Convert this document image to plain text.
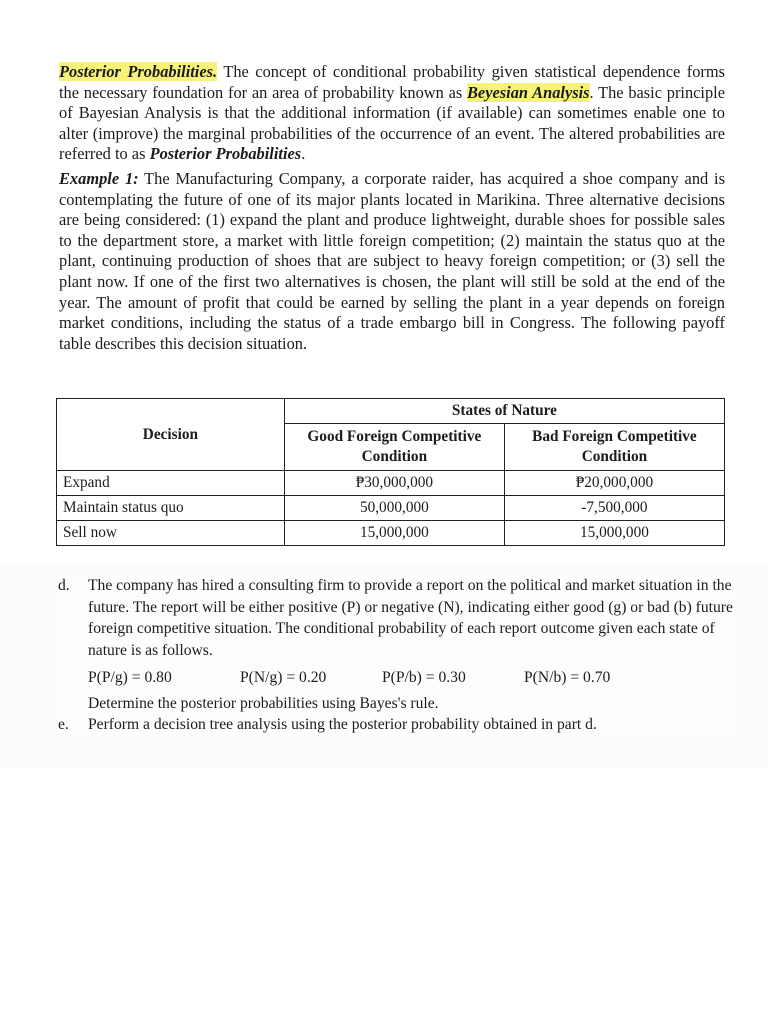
Posterior Probabilities. The concept of conditional probability given statistical dependence forms the necessary foundation for an area of probability known as Beyesian Analysis. The basic principle of Bayesian Analysis is that the additional information (if available) can sometimes enable one to alter (improve) the marginal probabilities of the occurrence of an event. The altered probabilities are referred to as Posterior Probabilities.

Example 1: The Manufacturing Company, a corporate raider, has acquired a shoe company and is contemplating the future of one of its major plants located in Marikina. Three alternative decisions are being considered: (1) expand the plant and produce lightweight, durable shoes for possible sales to the department store, a market with little foreign competition; (2) maintain the status quo at the plant, continuing production of shoes that are subject to heavy foreign competition; or (3) sell the plant now. If one of the first two alternatives is chosen, the plant will still be sold at the end of the year. The amount of profit that could be earned by selling the plant in a year depends on foreign market conditions, including the status of a trade embargo bill in Congress. The following payoff table describes this decision situation.

Decision	States of Nature	
	Good Foreign Competitive Condition	Bad Foreign Competitive Condition
Expand	₱30,000,000	₱20,000,000
Maintain status quo	50,000,000	-7,500,000
Sell now	15,000,000	15,000,000
d. The company has hired a consulting firm to provide a report on the political and market situation in the future. The report will be either positive (P) or negative (N), indicating either good (g) or bad (b) future foreign competitive situation. The conditional probability of each report outcome given each state of nature is as follows.
P(P/g) = 0.80	P(N/g) = 0.20	P(P/b) = 0.30	P(N/b) = 0.70
Determine the posterior probabilities using Bayes's rule.
e. Perform a decision tree analysis using the posterior probability obtained in part d.
